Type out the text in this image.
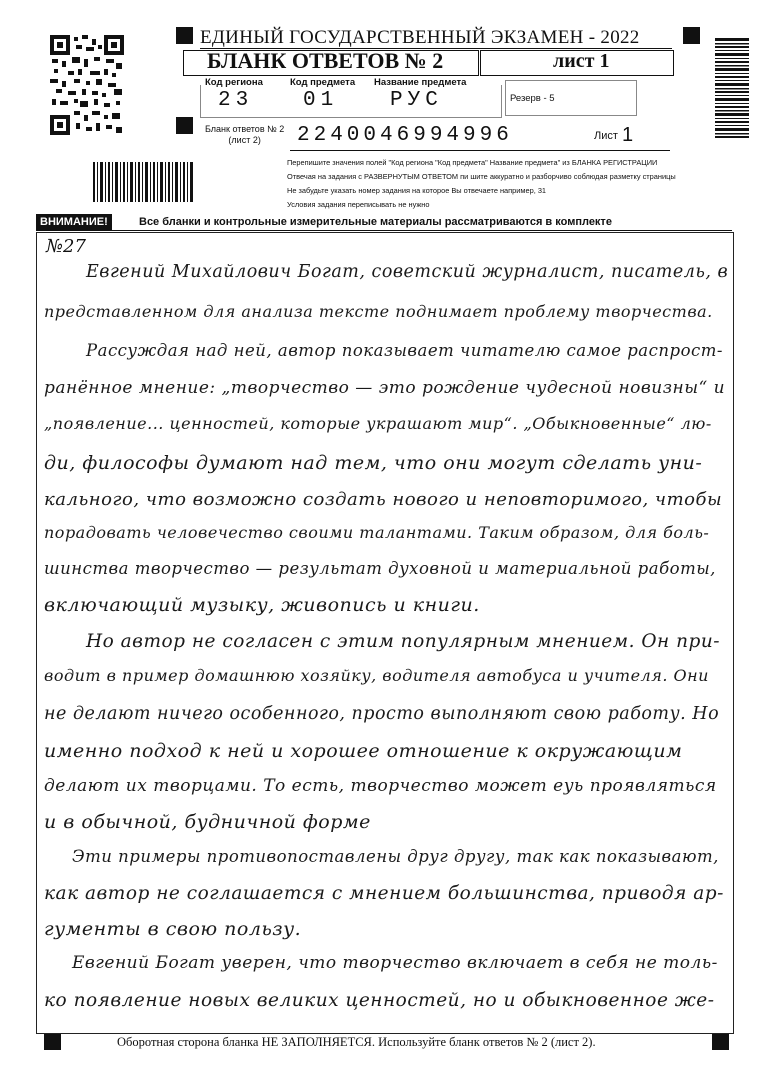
ЕДИНЫЙ ГОСУДАРСТВЕННЫЙ ЭКЗАМЕН - 2022
БЛАНК ОТВЕТОВ № 2	лист 1
Код региона	Код предмета Название предмета
23 01 РУС	Резерв - 5
Бланк ответов № 2
(лист 2)	2240046994996	Лист 1
Перепишите значения полей "Код региона "Код предмета" Название предмета" из БЛАНКА РЕГИСТРАЦИИ
Отвечая на задания с РАЗВЕРНУТЫМ ОТВЕТОМ пи шите аккуратно и разборчиво соблюдая разметку страницы
Не забудьте указать номер задания на которое Вы отвечаете например, 31
Условия задания переписывать не нужно
ВНИМАНИЕ!	Все бланки и контрольные измерительные материалы рассматриваются в комплекте
№27
Евгений Михайлович Богат, советский журналист, писатель, в
представленном для анализа тексте поднимает проблему творчества.
Рассуждая над ней, автор показывает читателю самое распрост-
ранённое мнение: „творчество — это рождение чудесной новизны“ и
„появление... ценностей, которые украшают мир“. „Обыкновенные“ лю-
ди, философы думают над тем, что они могут сделать уни-
кального, что возможно создать нового и неповторимого, чтобы
порадовать человечество своими талантами. Таким образом, для боль-
шинства творчество — результат духовной и материальной работы,
включающий музыку, живопись и книги.
Но автор не согласен с этим популярным мнением. Он при-
водит в пример домашнюю хозяйку, водителя автобуса и учителя. Они
не делают ничего особенного, просто выполняют свою работу. Но
именно подход к ней и хорошее отношение к окружающим
делают их творцами. То есть, творчество может еуь проявляться
и в обычной, будничной форме
Эти примеры противопоставлены друг другу, так как показывают,
как автор не соглашается с мнением большинства, приводя ар-
гументы в свою пользу.
Евгений Богат уверен, что творчество включает в себя не толь-
ко появление новых великих ценностей, но и обыкновенное же-
Оборотная сторона бланка НЕ ЗАПОЛНЯЕТСЯ. Используйте бланк ответов № 2 (лист 2).
